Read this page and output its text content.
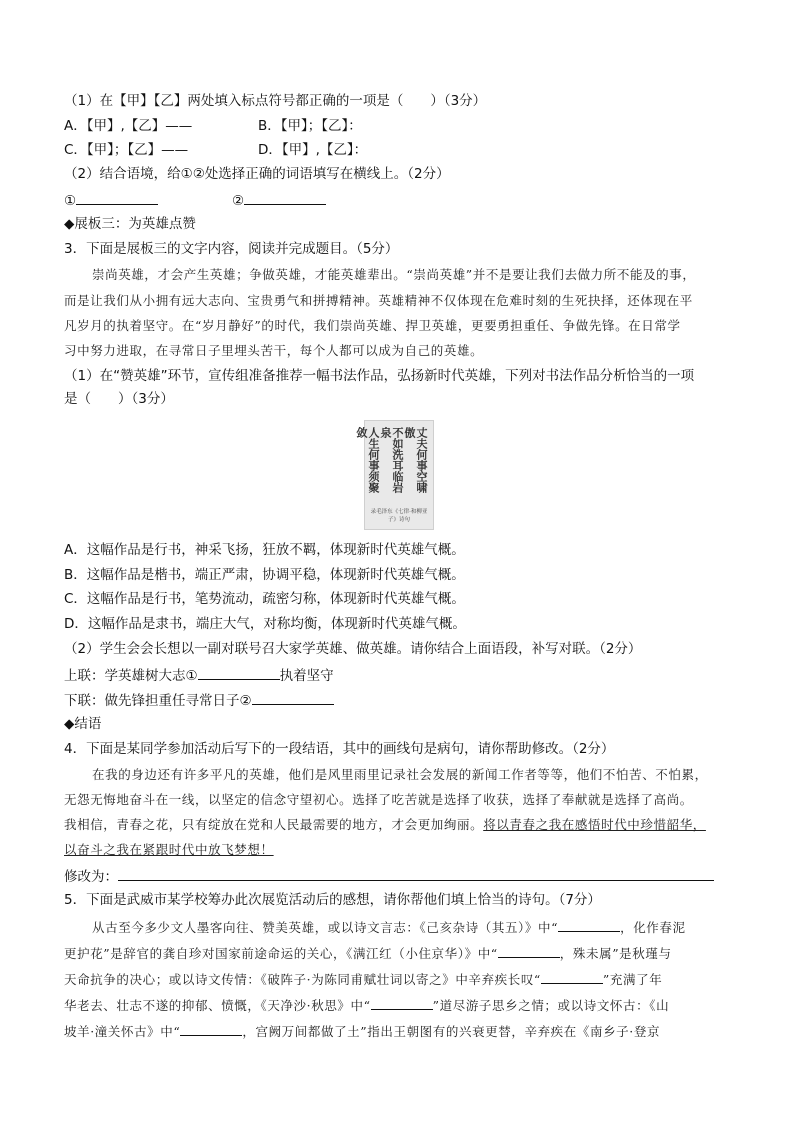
（1）在【甲】【乙】两处填入标点符号都正确的一项是（　　）（3分）
A．【甲】,【乙】——	B．【甲】；【乙】：
C．【甲】；【乙】——	D．【甲】,【乙】：
（2）结合语境，给①②处选择正确的词语填写在横线上。（2分）
①	②
◆展板三：为英雄点赞
3．下面是展板三的文字内容，阅读并完成题目。（5分）
崇尚英雄，才会产生英雄；争做英雄，才能英雄辈出。“崇尚英雄”并不是要让我们去做力所不能及的事，
而是让我们从小拥有远大志向、宝贵勇气和拼搏精神。英雄精神不仅体现在危难时刻的生死抉择，还体现在平
凡岁月的执着坚守。在“岁月静好”的时代，我们崇尚英雄、捍卫英雄，更要勇担重任、争做先锋。在日常学
习中努力进取，在寻常日子里埋头苦干，每个人都可以成为自己的英雄。
（1）在“赞英雄”环节，宣传组准备推荐一幅书法作品，弘扬新时代英雄，下列对书法作品分析恰当的一项
是（　　）（3分）
丈夫何事空啸傲
不如洗耳临岩泉
人生何事须聚敛
录毛泽东《七律·和柳亚子》诗句
A．这幅作品是行书，神采飞扬，狂放不羁，体现新时代英雄气概。
B．这幅作品是楷书，端正严肃，协调平稳，体现新时代英雄气概。
C．这幅作品是行书，笔势流动，疏密匀称，体现新时代英雄气概。
D．这幅作品是隶书，端庄大气，对称均衡，体现新时代英雄气概。
（2）学生会会长想以一副对联号召大家学英雄、做英雄。请你结合上面语段，补写对联。（2分）
上联：学英雄树大志①	执着坚守
下联：做先锋担重任寻常日子②
◆结语
4．下面是某同学参加活动后写下的一段结语，其中的画线句是病句，请你帮助修改。（2分）
在我的身边还有许多平凡的英雄，他们是风里雨里记录社会发展的新闻工作者等等，他们不怕苦、不怕累，
无怨无悔地奋斗在一线，以坚定的信念守望初心。选择了吃苦就是选择了收获，选择了奉献就是选择了高尚。
我相信，青春之花，只有绽放在党和人民最需要的地方，才会更加绚丽。将以青春之我在感悟时代中珍惜韶华，
以奋斗之我在紧跟时代中放飞梦想！
修改为：
5．下面是武威市某学校筹办此次展览活动后的感想，请你帮他们填上恰当的诗句。（7分）
从古至今多少文人墨客向往、赞美英雄，或以诗文言志：《己亥杂诗（其五）》中“	，化作春泥
更护花”是辞官的龚自珍对国家前途命运的关心，《满江红（小住京华）》中“	，殊未属”是秋瑾与
天命抗争的决心；或以诗文传情：《破阵子·为陈同甫赋壮词以寄之》中辛弃疾长叹“	”充满了年
华老去、壮志不遂的抑郁、愤慨，《天净沙·秋思》中“	”道尽游子思乡之情；或以诗文怀古：《山
坡羊·潼关怀古》中“	，宫阙万间都做了土”指出王朝图有的兴衰更替，辛弃疾在《南乡子·登京
